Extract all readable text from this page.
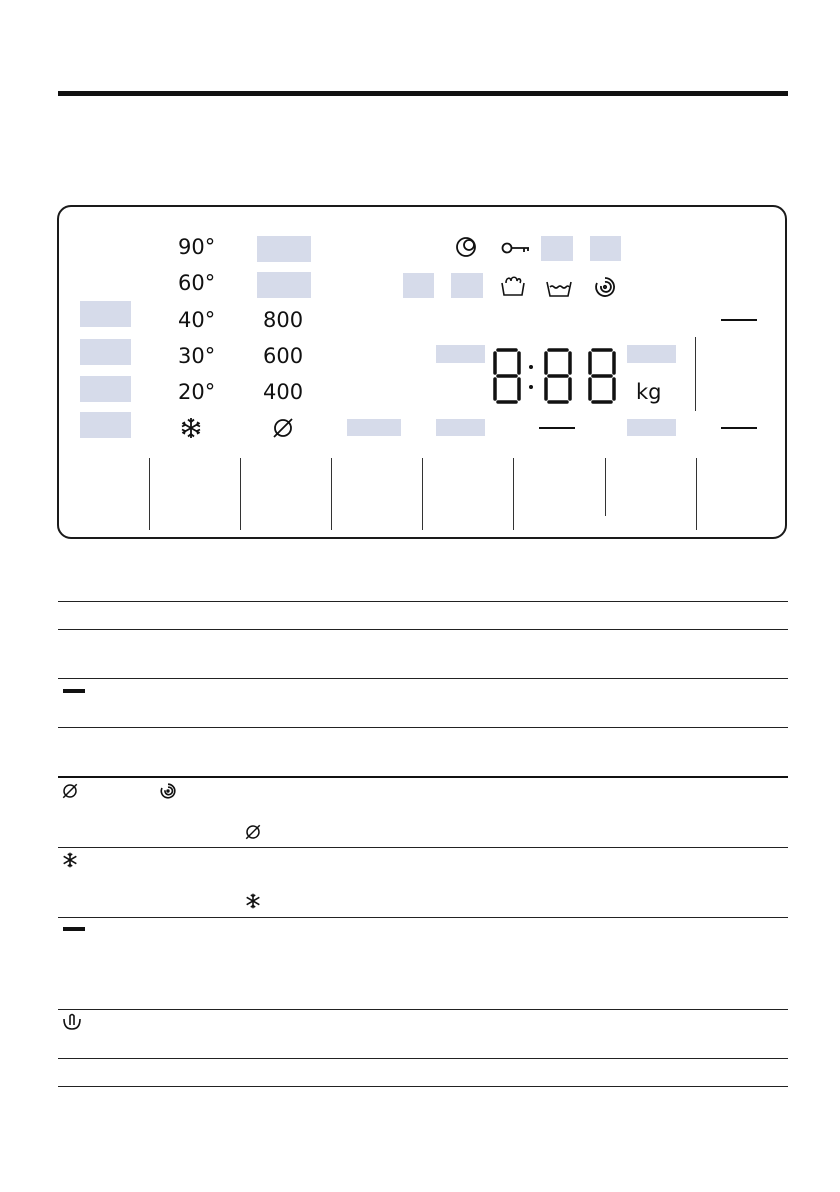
90°
60°
40°
30°
20°
800
600
400	kg
